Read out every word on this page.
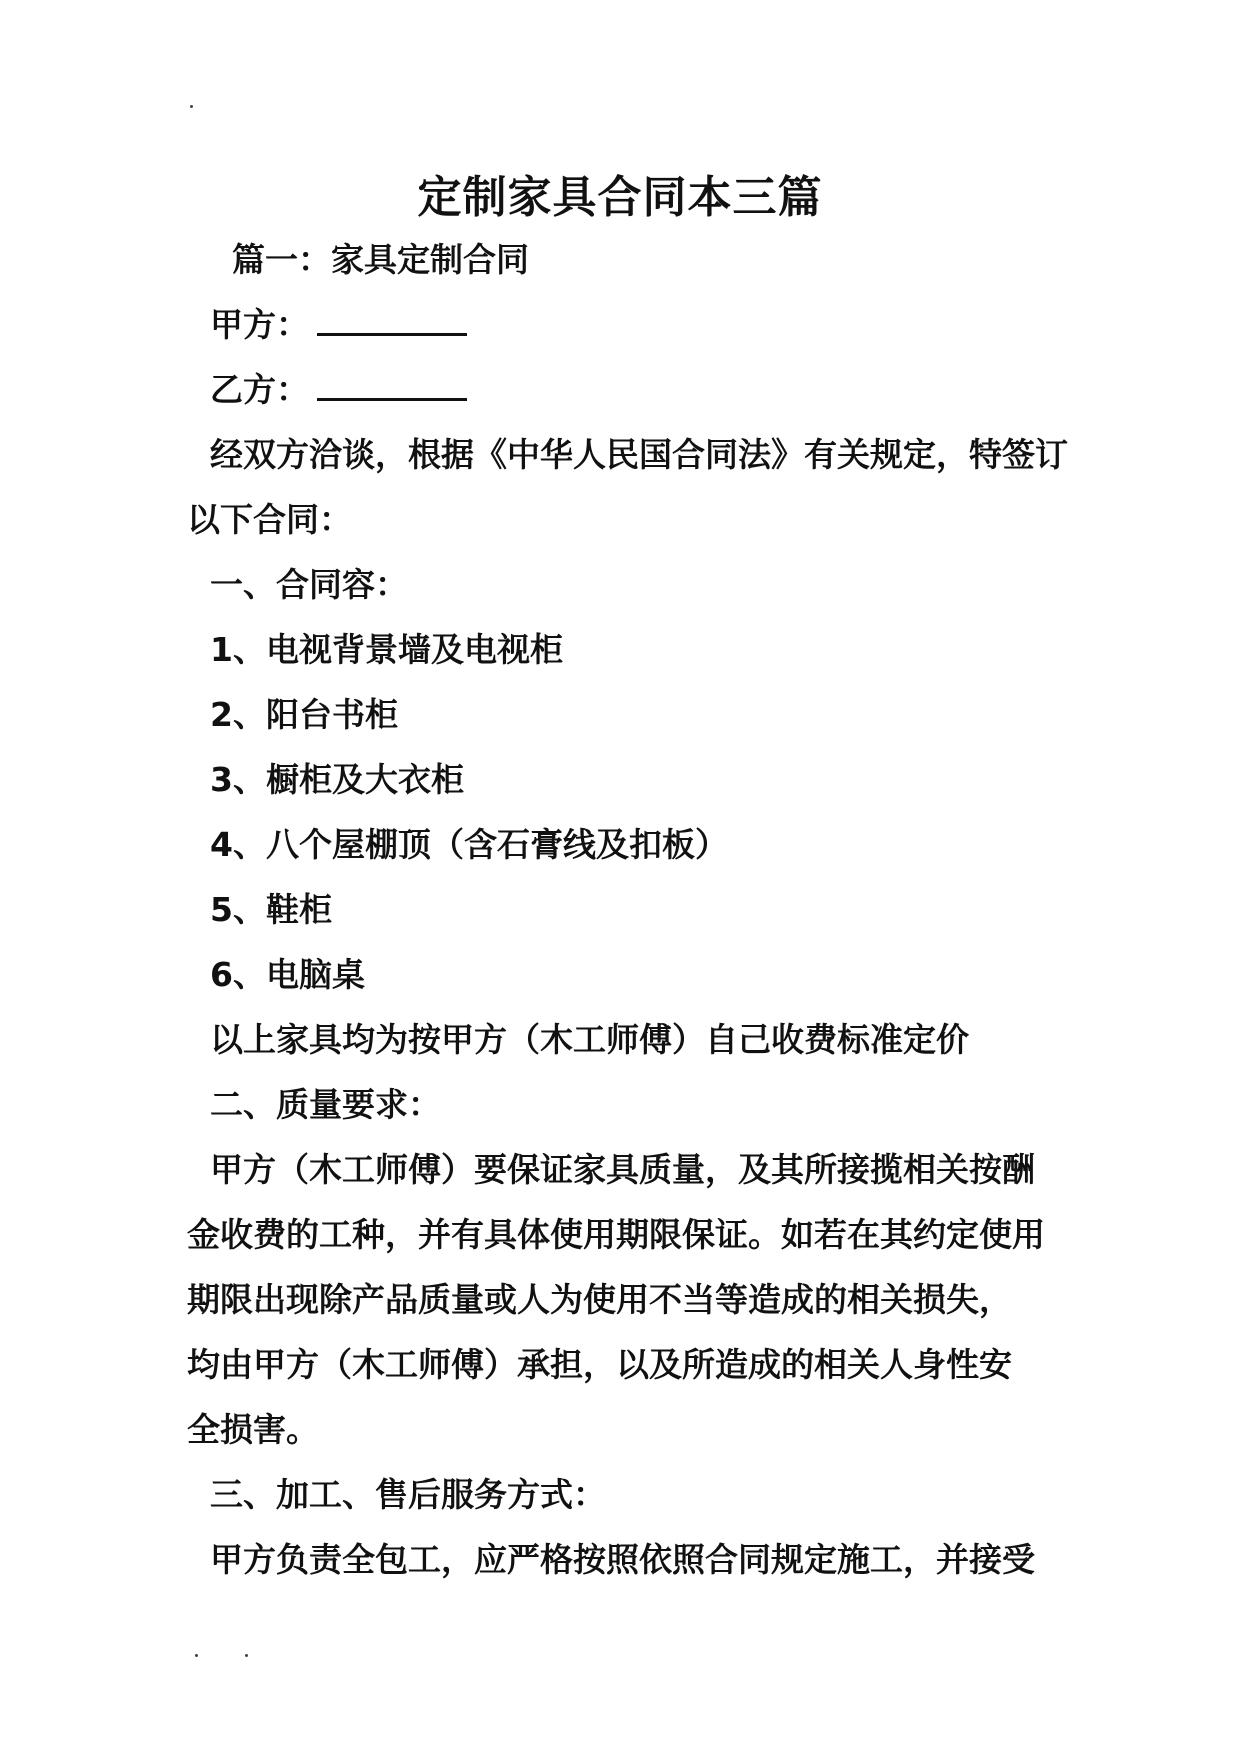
定制家具合同本三篇
篇一：家具定制合同
甲方：
乙方：
经双方洽谈，根据《中华人民国合同法》有关规定，特签订
以下合同：
一、合同容：
1、电视背景墙及电视柜
2、阳台书柜
3、橱柜及大衣柜
4、八个屋棚顶（含石膏线及扣板）
5、鞋柜
6、电脑桌
以上家具均为按甲方（木工师傅）自己收费标准定价
二、质量要求：
甲方（木工师傅）要保证家具质量，及其所接揽相关按酬
金收费的工种，并有具体使用期限保证。如若在其约定使用
期限出现除产品质量或人为使用不当等造成的相关损失，
均由甲方（木工师傅）承担，以及所造成的相关人身性安
全损害。
三、加工、售后服务方式：
甲方负责全包工，应严格按照依照合同规定施工，并接受
